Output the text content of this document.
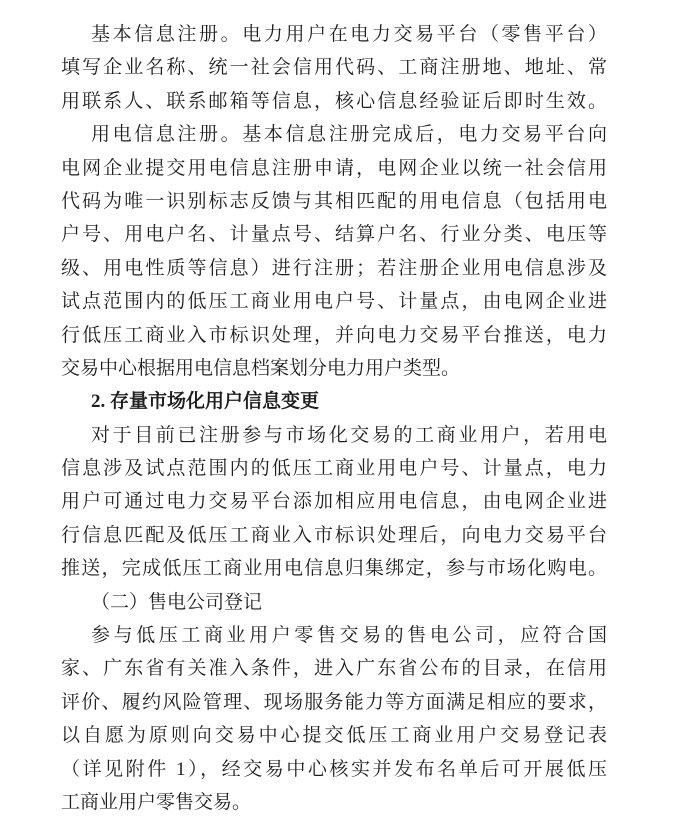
基本信息注册。电力用户在电力交易平台（零售平台）
填写企业名称、统一社会信用代码、工商注册地、地址、常
用联系人、联系邮箱等信息，核心信息经验证后即时生效。
用电信息注册。基本信息注册完成后，电力交易平台向
电网企业提交用电信息注册申请，电网企业以统一社会信用
代码为唯一识别标志反馈与其相匹配的用电信息（包括用电
户号、用电户名、计量点号、结算户名、行业分类、电压等
级、用电性质等信息）进行注册；若注册企业用电信息涉及
试点范围内的低压工商业用电户号、计量点，由电网企业进
行低压工商业入市标识处理，并向电力交易平台推送，电力
交易中心根据用电信息档案划分电力用户类型。
2. 存量市场化用户信息变更
对于目前已注册参与市场化交易的工商业用户，若用电
信息涉及试点范围内的低压工商业用电户号、计量点，电力
用户可通过电力交易平台添加相应用电信息，由电网企业进
行信息匹配及低压工商业入市标识处理后，向电力交易平台
推送，完成低压工商业用电信息归集绑定，参与市场化购电。
（二）售电公司登记
参与低压工商业用户零售交易的售电公司，应符合国
家、广东省有关准入条件，进入广东省公布的目录，在信用
评价、履约风险管理、现场服务能力等方面满足相应的要求，
以自愿为原则向交易中心提交低压工商业用户交易登记表
（详见附件 1），经交易中心核实并发布名单后可开展低压
工商业用户零售交易。
